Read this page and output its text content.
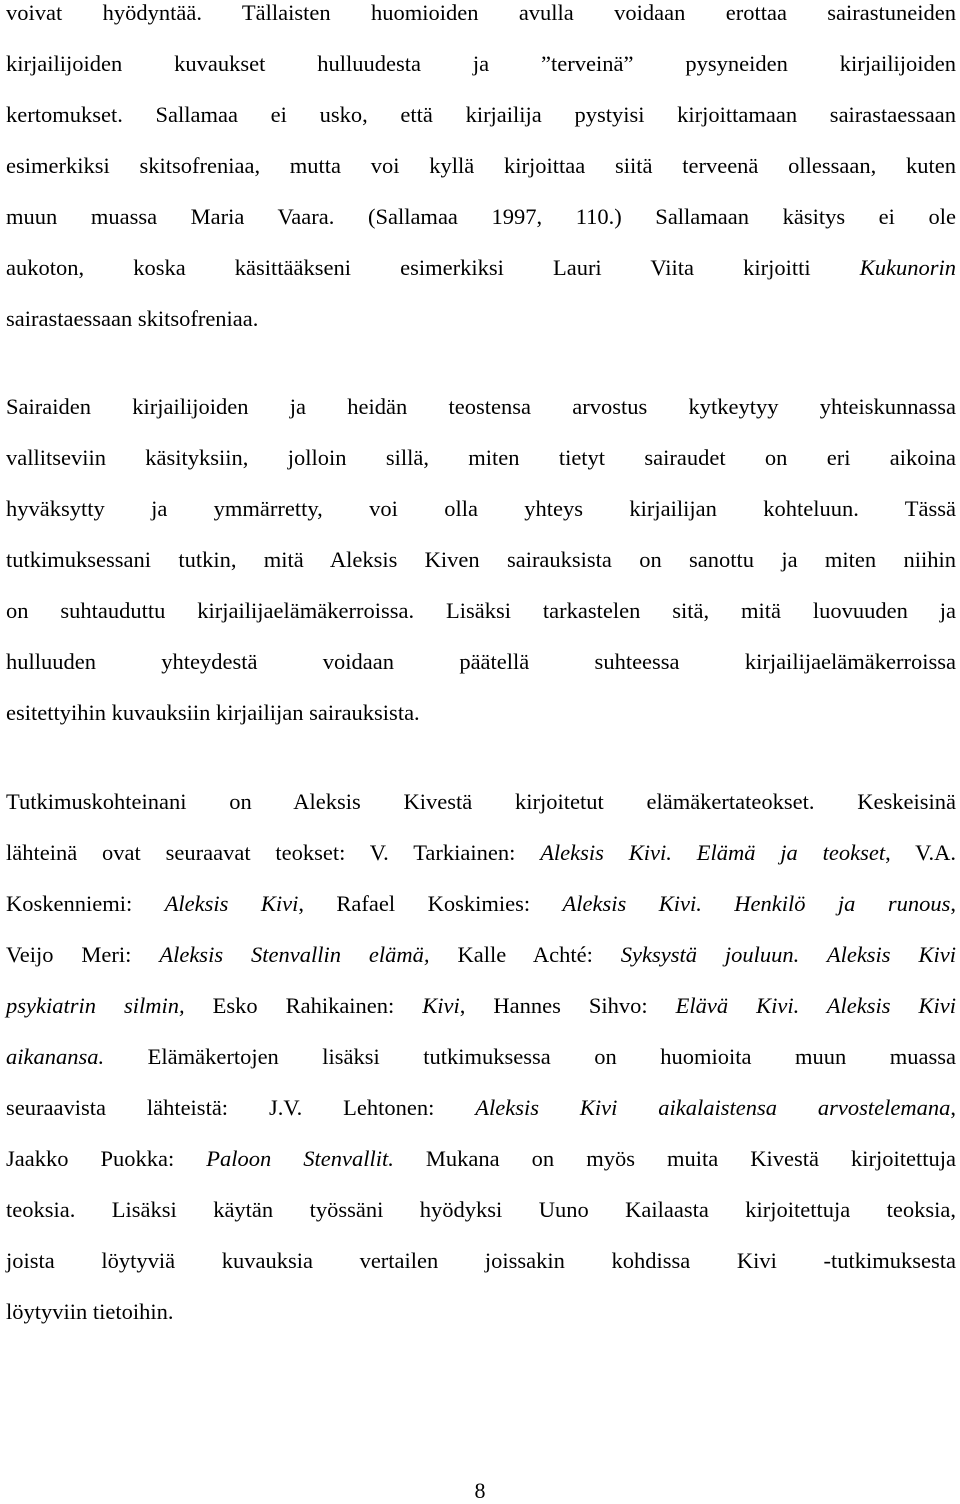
voivat hyödyntää. Tällaisten huomioiden avulla voidaan erottaa sairastuneiden
kirjailijoiden kuvaukset hulluudesta ja ”terveinä” pysyneiden kirjailijoiden
kertomukset. Sallamaa ei usko, että kirjailija pystyisi kirjoittamaan sairastaessaan
esimerkiksi skitsofreniaa, mutta voi kyllä kirjoittaa siitä terveenä ollessaan, kuten
muun muassa Maria Vaara. (Sallamaa 1997, 110.) Sallamaan käsitys ei ole
aukoton, koska käsittääkseni esimerkiksi Lauri Viita kirjoitti Kukunorin
sairastaessaan skitsofreniaa.
Sairaiden kirjailijoiden ja heidän teostensa arvostus kytkeytyy yhteiskunnassa
vallitseviin käsityksiin, jolloin sillä, miten tietyt sairaudet on eri aikoina
hyväksytty ja ymmärretty, voi olla yhteys kirjailijan kohteluun. Tässä
tutkimuksessani tutkin, mitä Aleksis Kiven sairauksista on sanottu ja miten niihin
on suhtauduttu kirjailijaelämäkerroissa. Lisäksi tarkastelen sitä, mitä luovuuden ja
hulluuden yhteydestä voidaan päätellä suhteessa kirjailijaelämäkerroissa
esitettyihin kuvauksiin kirjailijan sairauksista.
Tutkimuskohteinani on Aleksis Kivestä kirjoitetut elämäkertateokset. Keskeisinä
lähteinä ovat seuraavat teokset: V. Tarkiainen: Aleksis Kivi. Elämä ja teokset, V.A.
Koskenniemi: Aleksis Kivi, Rafael Koskimies: Aleksis Kivi. Henkilö ja runous,
Veijo Meri: Aleksis Stenvallin elämä, Kalle Achté: Syksystä jouluun. Aleksis Kivi
psykiatrin silmin, Esko Rahikainen: Kivi, Hannes Sihvo: Elävä Kivi. Aleksis Kivi
aikanansa. Elämäkertojen lisäksi tutkimuksessa on huomioita muun muassa
seuraavista lähteistä: J.V. Lehtonen: Aleksis Kivi aikalaistensa arvostelemana,
Jaakko Puokka: Paloon Stenvallit. Mukana on myös muita Kivestä kirjoitettuja
teoksia. Lisäksi käytän työssäni hyödyksi Uuno Kailaasta kirjoitettuja teoksia,
joista löytyviä kuvauksia vertailen joissakin kohdissa Kivi -tutkimuksesta
löytyviin tietoihin.
8
